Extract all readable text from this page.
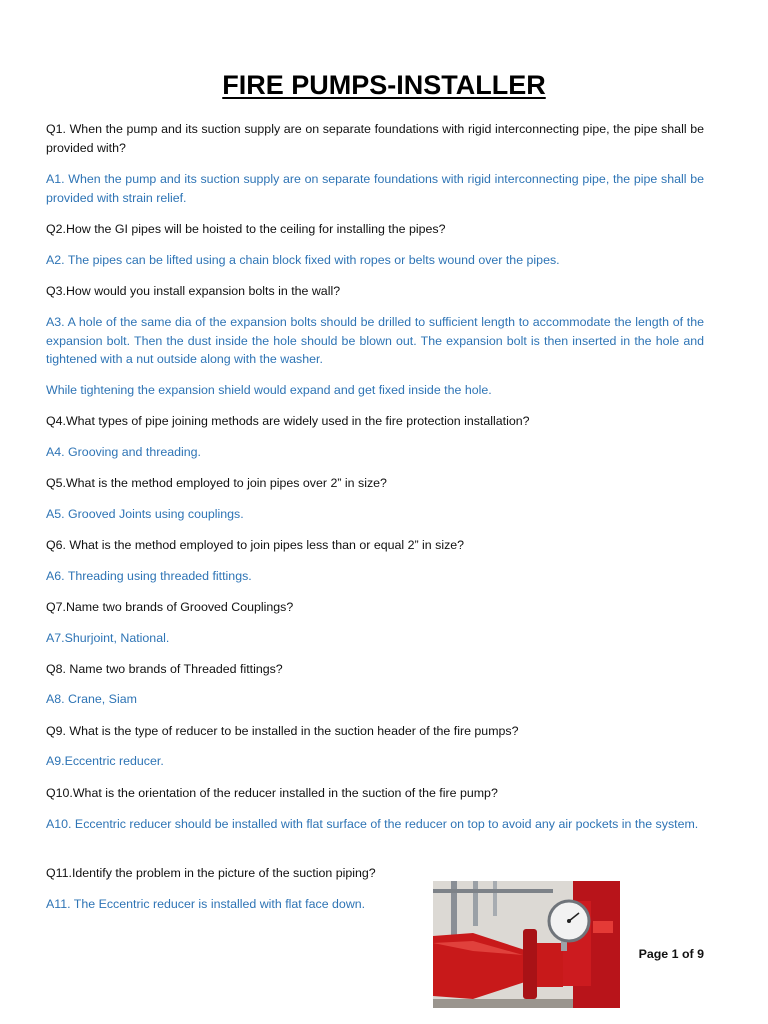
FIRE PUMPS-INSTALLER
Q1. When the pump and its suction supply are on separate foundations with rigid interconnecting pipe, the pipe shall be provided with?
A1. When the pump and its suction supply are on separate foundations with rigid interconnecting pipe, the pipe shall be provided with strain relief.
Q2.How the GI pipes will be hoisted to the ceiling for installing the pipes?
A2. The pipes can be lifted using a chain block fixed with ropes or belts wound over the pipes.
Q3.How would you install expansion bolts in the wall?
A3. A hole of the same dia of the expansion bolts should be drilled to sufficient length to accommodate the length of the expansion bolt. Then the dust inside the hole should be blown out. The expansion bolt is then inserted in the hole and tightened with a nut outside along with the washer.
While tightening the expansion shield would expand and get fixed inside the hole.
Q4.What types of pipe joining methods are widely used in the fire protection installation?
A4. Grooving and threading.
Q5.What is the method employed to join pipes over 2” in size?
A5. Grooved Joints using couplings.
Q6. What is the method employed to join pipes less than or equal 2” in size?
A6. Threading using threaded fittings.
Q7.Name two brands of Grooved Couplings?
A7.Shurjoint, National.
Q8. Name two brands of Threaded fittings?
A8. Crane, Siam
Q9. What is the type of reducer to be installed in the suction header of the fire pumps?
A9.Eccentric reducer.
Q10.What is the orientation of the reducer installed in the suction of the fire pump?
A10. Eccentric reducer should be installed with flat surface of the reducer on top to avoid any air pockets in the system.
Q11.Identify the problem in the picture of the suction piping?
A11. The Eccentric reducer is installed with flat face down.
Page 1 of 9
